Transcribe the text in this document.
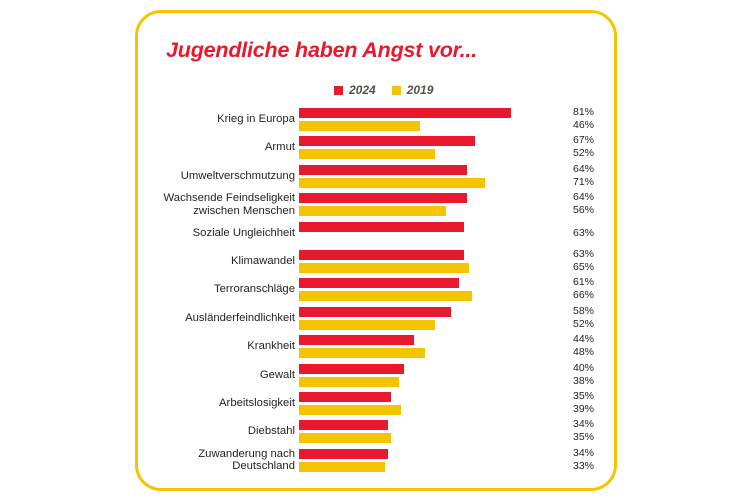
Jugendliche haben Angst vor...
2024	2019
Krieg in Europa
81%
46%
Armut
67%
52%
Umweltverschmutzung
64%
71%
Wachsende Feindseligkeit
zwischen Menschen
64%
56%
Soziale Ungleichheit	63%
Klimawandel
63%
65%
Terroranschläge
61%
66%
Ausländerfeindlichkeit
58%
52%
Krankheit
44%
48%
Gewalt
40%
38%
Arbeitslosigkeit
35%
39%
Diebstahl
34%
35%
Zuwanderung nach
Deutschland
34%
33%
